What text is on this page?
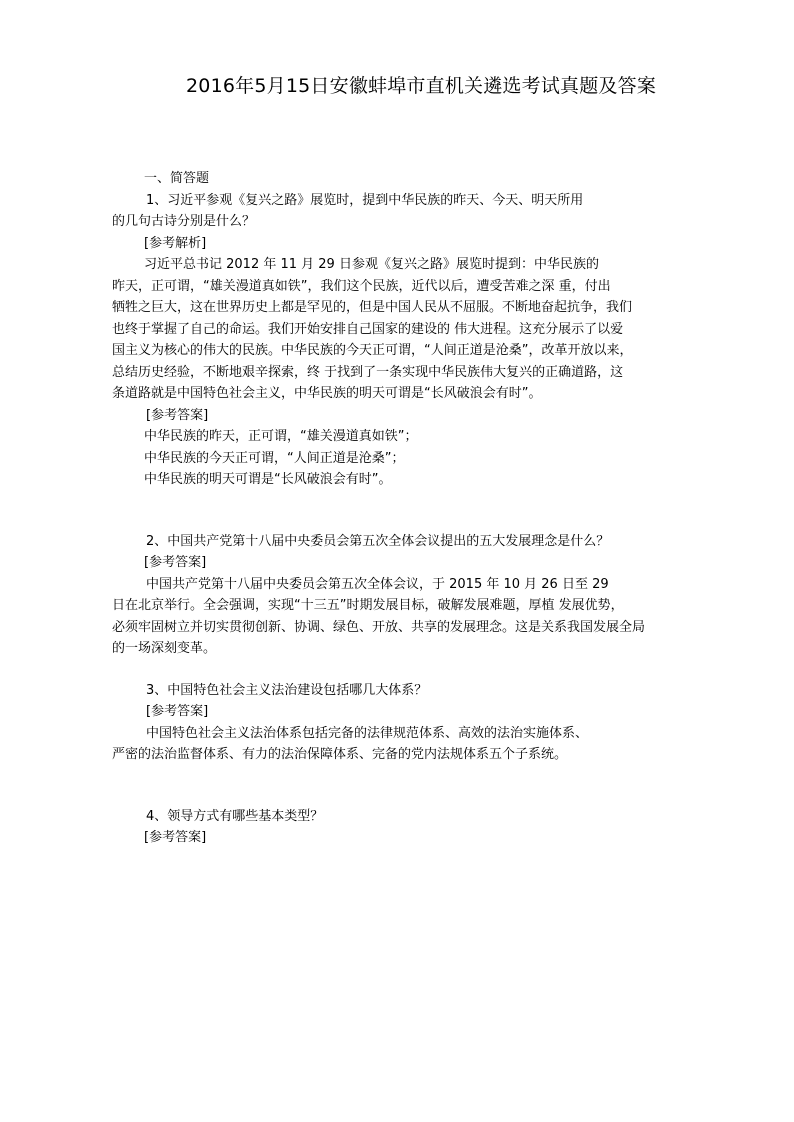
2016年5月15日安徽蚌埠市直机关遴选考试真题及答案
一、简答题
1、习近平参观《复兴之路》展览时，提到中华民族的昨天、今天、明天所用
的几句古诗分别是什么？
[参考解析]
习近平总书记 2012 年 11 月 29 日参观《复兴之路》展览时提到：中华民族的
昨天，正可谓，“雄关漫道真如铁”，我们这个民族，近代以后，遭受苦难之深 重，付出
牺牲之巨大，这在世界历史上都是罕见的，但是中国人民从不屈服。不断地奋起抗争，我们
也终于掌握了自己的命运。我们开始安排自己国家的建设的 伟大进程。这充分展示了以爱
国主义为核心的伟大的民族。中华民族的今天正可谓，“人间正道是沧桑”，改革开放以来，
总结历史经验，不断地艰辛探索，终 于找到了一条实现中华民族伟大复兴的正确道路，这
条道路就是中国特色社会主义，中华民族的明天可谓是“长风破浪会有时”。
[参考答案]
中华民族的昨天，正可谓，“雄关漫道真如铁”；
中华民族的今天正可谓，“人间正道是沧桑”；
中华民族的明天可谓是“长风破浪会有时”。
2、中国共产党第十八届中央委员会第五次全体会议提出的五大发展理念是什么？
[参考答案]
中国共产党第十八届中央委员会第五次全体会议，于 2015 年 10 月 26 日至 29
日在北京举行。全会强调，实现“十三五”时期发展目标，破解发展难题，厚植 发展优势，
必须牢固树立并切实贯彻创新、协调、绿色、开放、共享的发展理念。这是关系我国发展全局
的一场深刻变革。
3、中国特色社会主义法治建设包括哪几大体系？
[参考答案]
中国特色社会主义法治体系包括完备的法律规范体系、高效的法治实施体系、
严密的法治监督体系、有力的法治保障体系、完备的党内法规体系五个子系统。
4、领导方式有哪些基本类型？
[参考答案]
